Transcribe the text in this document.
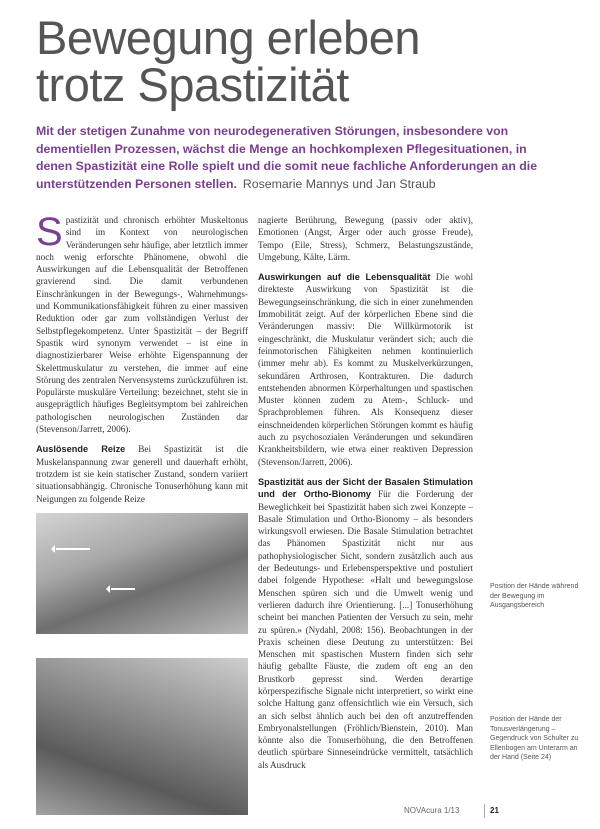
Bewegung erleben
trotz Spastizität
Mit der stetigen Zunahme von neurodegenerativen Störungen, insbesondere von dementiellen Prozessen, wächst die Menge an hochkomplexen Pflegesituationen, in denen Spastizität eine Rolle spielt und die somit neue fachliche Anforderungen an die unterstützenden Personen stellen. Rosemarie Mannys und Jan Straub

Spastizität und chronisch erhöhter Muskeltonus sind im Kontext von neurologischen Veränderungen sehr häufige, aber letztlich immer noch wenig erforschte Phänomene, obwohl die Auswirkungen auf die Lebensqualität der Betroffenen gravierend sind. Die damit verbundenen Einschränkungen in der Bewegungs-, Wahrnehmungs- und Kommunikationsfähigkeit führen zu einer massiven Reduktion oder gar zum vollständigen Verlust der Selbstpflegekompetenz. Unter Spastizität – der Begriff Spastik wird synonym verwendet – ist eine in diagnostizierbarer Weise erhöhte Eigenspannung der Skelettmuskulatur zu verstehen, die immer auf eine Störung des zentralen Nervensystems zurückzuführen ist. Populärste muskuläre Verteilung: bezeichnet, steht sie in ausgeprägtlich häufiges Begleitsymptom bei zahlreichen pathologischen neurologischen Zuständen dar (Stevenson/Jarrett, 2006).

Auslösende Reize Bei Spastizität ist die Muskelanspannung zwar generell und dauerhaft erhöht, trotzdem ist sie kein statischer Zustand, sondern variiert situationsabhängig. Chronische Tonuserhöhung kann mit Neigungen zu folgende Reize

nagierte Berührung, Bewegung (passiv oder aktiv), Emotionen (Angst, Ärger oder auch grosse Freude), Tempo (Eile, Stress), Schmerz, Belastungszustände, Umgebung, Kälte, Lärm.

Auswirkungen auf die Lebensqualität Die wohl direkteste Auswirkung von Spastizität ist die Bewegungseinschränkung, die sich in einer zunehmenden Immobilität zeigt. Auf der körperlichen Ebene sind die Veränderungen massiv: Die Willkürmotorik ist eingeschränkt, die Muskulatur verändert sich; auch die feinmotorischen Fähigkeiten nehmen kontinuierlich (immer mehr ab). Es kommt zu Muskelverkürzungen, sekundären Arthrosen, Kontrakturen. Die dadurch entstehenden abnormen Körperhaltungen und spastischen Muster können zudem zu Atem-, Schluck- und Sprachproblemen führen. Als Konsequenz dieser einschneidenden körperlichen Störungen kommt es häufig auch zu psychosozialen Veränderungen und sekundären Krankheitsbildern, wie etwa einer reaktiven Depression (Stevenson/Jarrett, 2006).

Spastizität aus der Sicht der Basalen Stimulation und der Ortho-Bionomy Für die Forderung der Beweglichkeit bei Spastizität haben sich zwei Konzepte – Basale Stimulation und Ortho-Bionomy – als besonders wirkungsvoll erwiesen. Die Basale Stimulation betrachtet das Phänomen Spastizität nicht nur aus pathophysiologischer Sicht, sondern zusätzlich auch aus der Bedeutungs- und Erlebensperspektive und postuliert dabei folgende Hypothese: «Halt und bewegungslose Menschen spüren sich und die Umwelt wenig und verlieren dadurch ihre Orientierung. [...] Tonuserhöhung scheint bei manchen Patienten der Versuch zu sein, mehr zu spüren.» (Nydahl, 2008: 156). Beobachtungen in der Praxis scheinen diese Deutung zu unterstützen: Bei Menschen mit spastischen Mustern finden sich sehr häufig geballte Fäuste, die zudem oft eng an den Brustkorb gepresst sind. Werden derartige körperspezifische Signale nicht interpretiert, so wirkt eine solche Haltung ganz offensichtlich wie ein Versuch, sich an sich selbst ähnlich auch bei den oft anzutreffenden Embryonalstellungen (Fröhlich/Bienstein, 2010). Man könnte also die Tonuserhöhung, die den Betroffenen deutlich spürbare Sinneseindrücke vermittelt, tatsächlich als Ausdruck

Position der Hände während der Bewegung im Ausgangsbereich
Position der Hände der Tonusverlängerung – Gegendruck von Schulter zu Ellenbogen am Unterarm an der Hand (Seite 24)
NOVAcura 1/13	21
